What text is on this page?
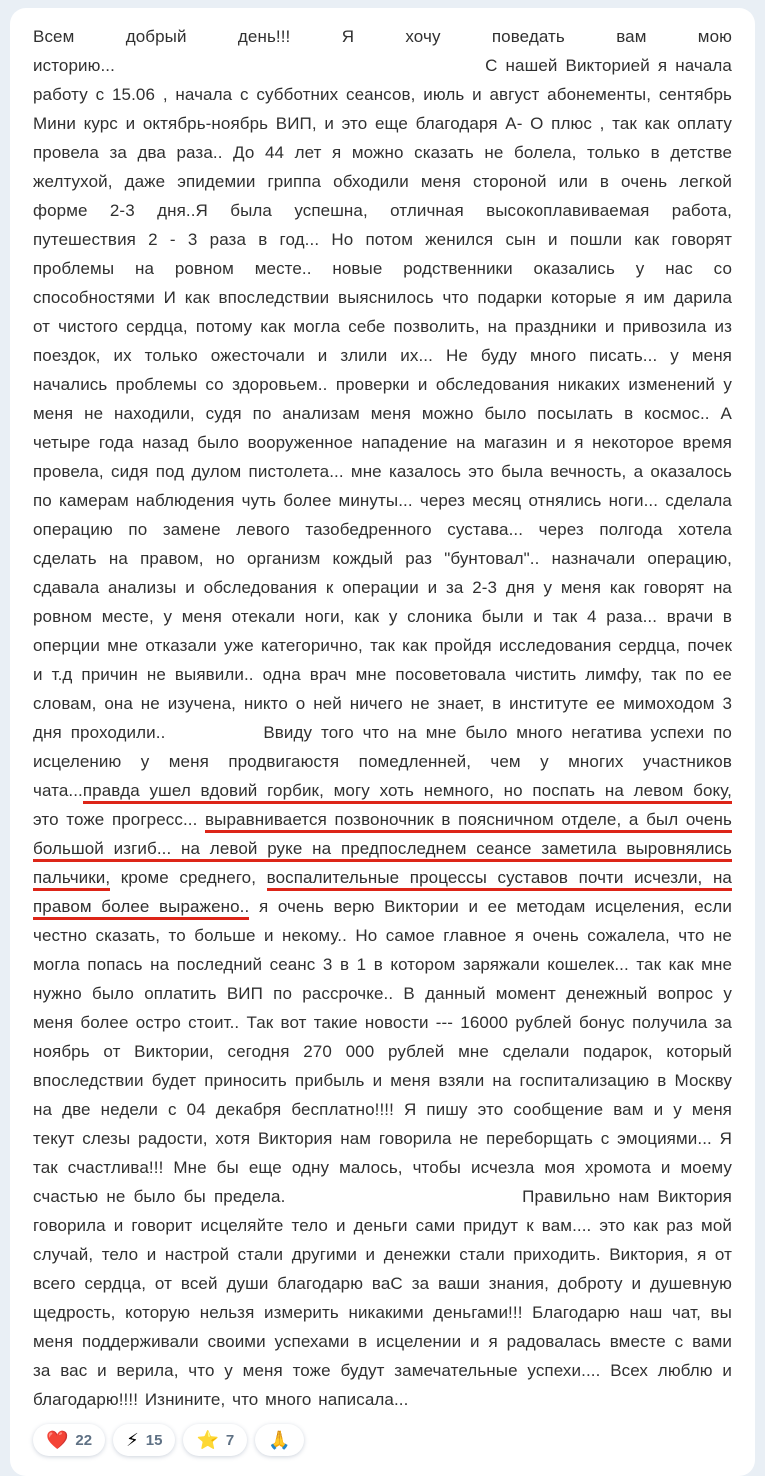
Всем добрый день!!! Я хочу поведать вам мою историю...                                              С нашей Викторией я начала работу с 15.06 , начала с субботних сеансов, июль и август абонементы, сентябрь Мини курс и октябрь-ноябрь ВИП, и это еще благодаря А- О плюс , так как оплату провела за два раза.. До 44 лет я можно сказать не болела, только в детстве желтухой, даже эпидемии гриппа обходили меня стороной или в очень легкой форме 2-3 дня..Я была успешна, отличная высокоплавиваемая работа, путешествия 2 - 3 раза в год... Но потом женился сын и пошли как говорят проблемы на ровном месте.. новые родственники оказались у нас со способностями И как впоследствии выяснилось что подарки которые я им дарила от чистого сердца, потому как могла себе позволить, на праздники и привозила из поездок, их только ожесточали и злили их... Не буду много писать... у меня начались проблемы со здоровьем.. проверки и обследования никаких изменений у меня не находили, судя по анализам меня можно было посылать в космос.. А четыре года назад было вооруженное нападение на магазин и я некоторое время провела, сидя под дулом пистолета... мне казалось это была вечность, а оказалось по камерам наблюдения чуть более минуты... через месяц отнялись ноги... сделала операцию по замене левого тазобедренного сустава... через полгода хотела сделать на правом, но организм кождый раз "бунтовал".. назначали операцию, сдавала анализы и обследования к операции и за 2-3 дня у меня как говорят на ровном месте, у меня отекали ноги, как у слоника были и так 4 раза... врачи в оперции мне отказали уже категорично, так как пройдя исследования сердца, почек и т.д причин не выявили.. одна врач мне посоветовала чистить лимфу, так по ее словам, она не изучена, никто о ней ничего не знает, в институте ее мимоходом 3 дня проходили..           Ввиду того что на мне было много негатива успехи по исцелению у меня продвигаюстя помедленней, чем у многих участников чата...правда ушел вдовий горбик, могу хоть немного, но поспать на левом боку, это тоже прогресс... выравнивается позвоночник в поясничном отделе, а был очень большой изгиб... на левой руке на предпоследнем сеансе заметила выровнялись пальчики, кроме среднего, воспалительные процессы суставов почти исчезли, на правом более выражено.. я очень верю Виктории и ее методам исцеления, если честно сказать, то больше и некому.. Но самое главное я очень сожалела, что не могла попась на последний сеанс 3 в 1 в котором заряжали кошелек... так как мне нужно было оплатить ВИП по рассрочке.. В данный момент денежный вопрос у меня более остро стоит.. Так вот такие новости --- 16000 рублей бонус получила за ноябрь от Виктории, сегодня 270 000 рублей мне сделали подарок, который впоследствии будет приносить прибыль и меня взяли на госпитализацию в Москву на две недели с 04 декабря бесплатно!!!! Я пишу это сообщение вам и у меня текут слезы радости, хотя Виктория нам говорила не переборщать с эмоциями... Я так счастлива!!! Мне бы еще одну малось, чтобы исчезла моя хромота и моему счастью не было бы предела.                             Правильно нам Виктория говорила и говорит исцеляйте тело и деньги сами придут к вам.... это как раз мой случай, тело и настрой стали другими и денежки стали приходить. Виктория, я от всего сердца, от всей души благодарю ваС за ваши знания, доброту и душевную щедрость, которую нельзя измерить никакими деньгами!!! Благодарю наш чат, вы меня поддерживали своими успехами в исцелении и я радовалась вместе с вами за вас и верила, что у меня тоже будут замечательные успехи.... Всех люблю и благодарю!!!! Изнините, что много написала...
❤️ 22 ⚡ 15 ⭐ 7 🙏
